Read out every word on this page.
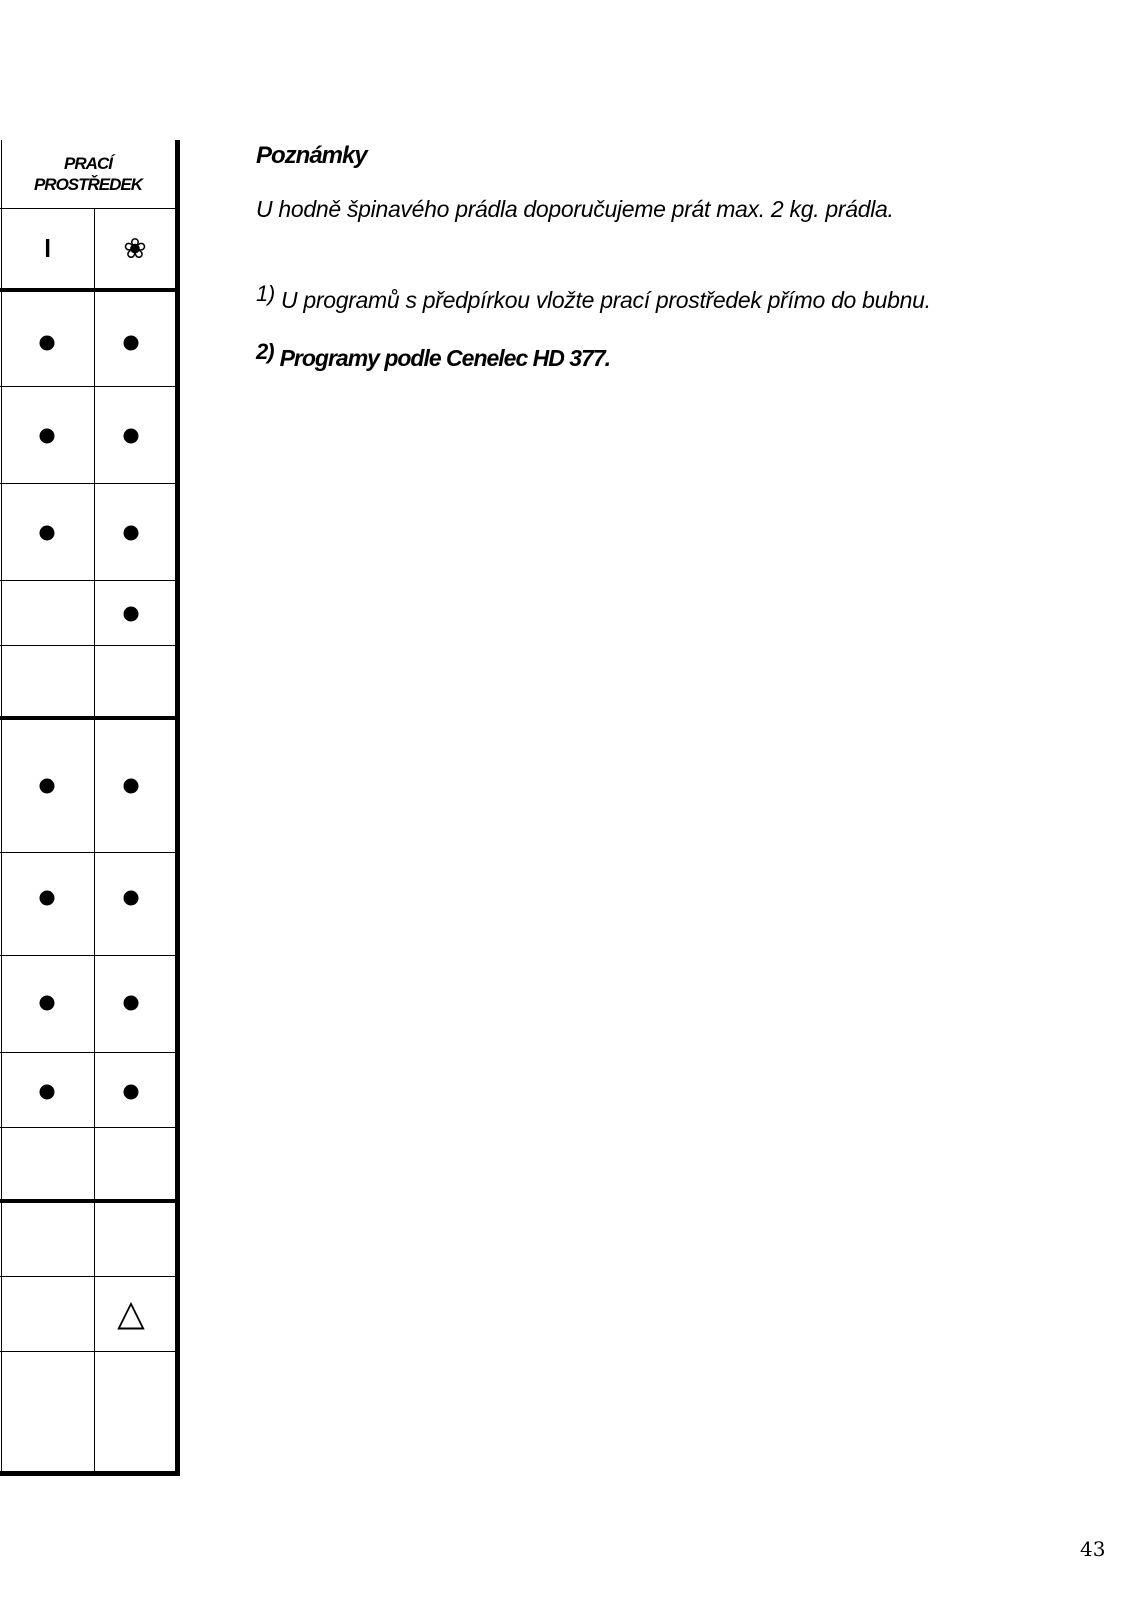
PRACÍ
PROSTŘEDEK
I	❀
△
Poznámky
U hodně špinavého prádla doporučujeme prát max. 2 kg. prádla.
1) U programů s předpírkou vložte prací prostředek přímo do bubnu.
2) Programy podle Cenelec HD 377.
43
